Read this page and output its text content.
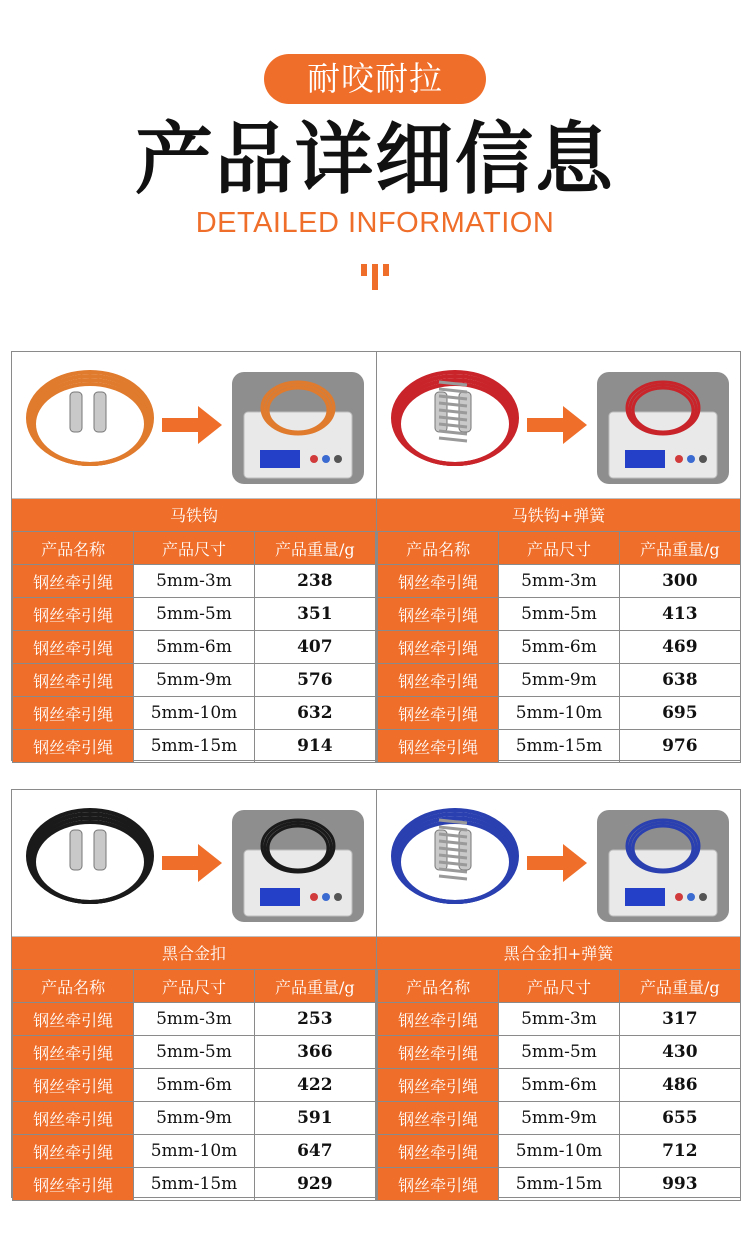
耐咬耐拉
产品详细信息
DETAILED INFORMATION
马铁钩
产品名称	产品尺寸	产品重量/g
钢丝牵引绳	5mm-3m	238
钢丝牵引绳	5mm-5m	351
钢丝牵引绳	5mm-6m	407
钢丝牵引绳	5mm-9m	576
钢丝牵引绳	5mm-10m	632
钢丝牵引绳	5mm-15m	914
马铁钩+弹簧
产品名称	产品尺寸	产品重量/g
钢丝牵引绳	5mm-3m	300
钢丝牵引绳	5mm-5m	413
钢丝牵引绳	5mm-6m	469
钢丝牵引绳	5mm-9m	638
钢丝牵引绳	5mm-10m	695
钢丝牵引绳	5mm-15m	976
黑合金扣
产品名称	产品尺寸	产品重量/g
钢丝牵引绳	5mm-3m	253
钢丝牵引绳	5mm-5m	366
钢丝牵引绳	5mm-6m	422
钢丝牵引绳	5mm-9m	591
钢丝牵引绳	5mm-10m	647
钢丝牵引绳	5mm-15m	929
黑合金扣+弹簧
产品名称	产品尺寸	产品重量/g
钢丝牵引绳	5mm-3m	317
钢丝牵引绳	5mm-5m	430
钢丝牵引绳	5mm-6m	486
钢丝牵引绳	5mm-9m	655
钢丝牵引绳	5mm-10m	712
钢丝牵引绳	5mm-15m	993
